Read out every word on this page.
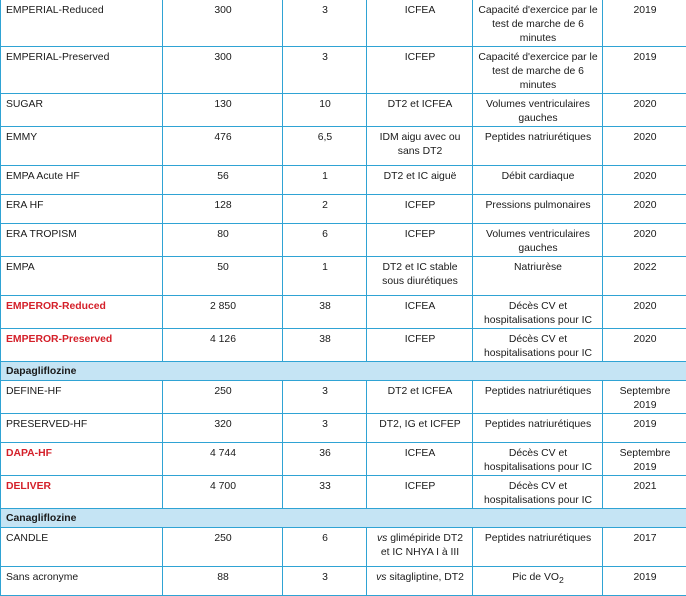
EMPERIAL-Reduced	300	3	ICFEA	Capacité d'exercice par le test de marche de 6 minutes	2019
EMPERIAL-Preserved	300	3	ICFEP	Capacité d'exercice par le test de marche de 6 minutes	2019
SUGAR	130	10	DT2 et ICFEA	Volumes ventriculaires gauches	2020
EMMY	476	6,5	IDM aigu avec ou sans DT2	Peptides natriurétiques	2020
EMPA Acute HF	56	1	DT2 et IC aiguë	Débit cardiaque	2020
ERA HF	128	2	ICFEP	Pressions pulmonaires	2020
ERA TROPISM	80	6	ICFEP	Volumes ventriculaires gauches	2020
EMPA	50	1	DT2 et IC stable sous diurétiques	Natriurèse	2022
EMPEROR-Reduced	2 850	38	ICFEA	Décès CV et hospitalisations pour IC	2020
EMPEROR-Preserved	4 126	38	ICFEP	Décès CV et hospitalisations pour IC	2020
Dapagliflozine					
DEFINE-HF	250	3	DT2 et ICFEA	Peptides natriurétiques	Septembre 2019
PRESERVED-HF	320	3	DT2, IG et ICFEP	Peptides natriurétiques	2019
DAPA-HF	4 744	36	ICFEA	Décès CV et hospitalisations pour IC	Septembre 2019
DELIVER	4 700	33	ICFEP	Décès CV et hospitalisations pour IC	2021
Canagliflozine					
CANDLE	250	6	vs glimépiride DT2 et IC NHYA I à III	Peptides natriurétiques	2017
Sans acronyme	88	3	vs sitagliptine, DT2	Pic de $VO_2$	2019
